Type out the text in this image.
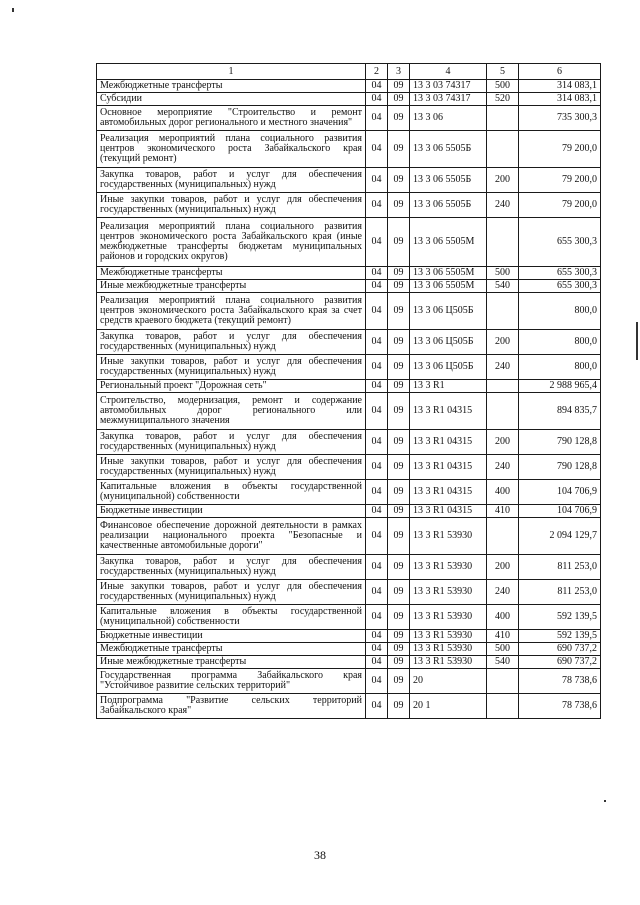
1	2	3	4	5	6
Межбюджетные трансферты	04	09	13 3 03 74317	500	314 083,1
Субсидии	04	09	13 3 03 74317	520	314 083,1
Основное мероприятие "Строительство и ремонт автомобильных дорог регионального и местного значения"	04	09	13 3 06		735 300,3
Реализация мероприятий плана социального развития центров экономического роста Забайкальского края (текущий ремонт)	04	09	13 3 06 5505Б		79 200,0
Закупка товаров, работ и услуг для обеспечения государственных (муниципальных) нужд	04	09	13 3 06 5505Б	200	79 200,0
Иные закупки товаров, работ и услуг для обеспечения государственных (муниципальных) нужд	04	09	13 3 06 5505Б	240	79 200,0
Реализация мероприятий плана социального развития центров экономического роста Забайкальского края (иные межбюджетные трансферты бюджетам муниципальных районов и городских округов)	04	09	13 3 06 5505М		655 300,3
Межбюджетные трансферты	04	09	13 3 06 5505М	500	655 300,3
Иные межбюджетные трансферты	04	09	13 3 06 5505М	540	655 300,3
Реализация мероприятий плана социального развития центров экономического роста Забайкальского края за счет средств краевого бюджета (текущий ремонт)	04	09	13 3 06 Ц505Б		800,0
Закупка товаров, работ и услуг для обеспечения государственных (муниципальных) нужд	04	09	13 3 06 Ц505Б	200	800,0
Иные закупки товаров, работ и услуг для обеспечения государственных (муниципальных) нужд	04	09	13 3 06 Ц505Б	240	800,0
Региональный проект "Дорожная сеть"	04	09	13 3 R1		2 988 965,4
Строительство, модернизация, ремонт и содержание автомобильных дорог регионального или межмуниципального значения	04	09	13 3 R1 04315		894 835,7
Закупка товаров, работ и услуг для обеспечения государственных (муниципальных) нужд	04	09	13 3 R1 04315	200	790 128,8
Иные закупки товаров, работ и услуг для обеспечения государственных (муниципальных) нужд	04	09	13 3 R1 04315	240	790 128,8
Капитальные вложения в объекты государственной (муниципальной) собственности	04	09	13 3 R1 04315	400	104 706,9
Бюджетные инвестиции	04	09	13 3 R1 04315	410	104 706,9
Финансовое обеспечение дорожной деятельности в рамках реализации национального проекта "Безопасные и качественные автомобильные дороги"	04	09	13 3 R1 53930		2 094 129,7
Закупка товаров, работ и услуг для обеспечения государственных (муниципальных) нужд	04	09	13 3 R1 53930	200	811 253,0
Иные закупки товаров, работ и услуг для обеспечения государственных (муниципальных) нужд	04	09	13 3 R1 53930	240	811 253,0
Капитальные вложения в объекты государственной (муниципальной) собственности	04	09	13 3 R1 53930	400	592 139,5
Бюджетные инвестиции	04	09	13 3 R1 53930	410	592 139,5
Межбюджетные трансферты	04	09	13 3 R1 53930	500	690 737,2
Иные межбюджетные трансферты	04	09	13 3 R1 53930	540	690 737,2
Государственная программа Забайкальского края "Устойчивое развитие сельских территорий"	04	09	20		78 738,6
Подпрограмма "Развитие сельских территорий Забайкальского края"	04	09	20 1		78 738,6
38
